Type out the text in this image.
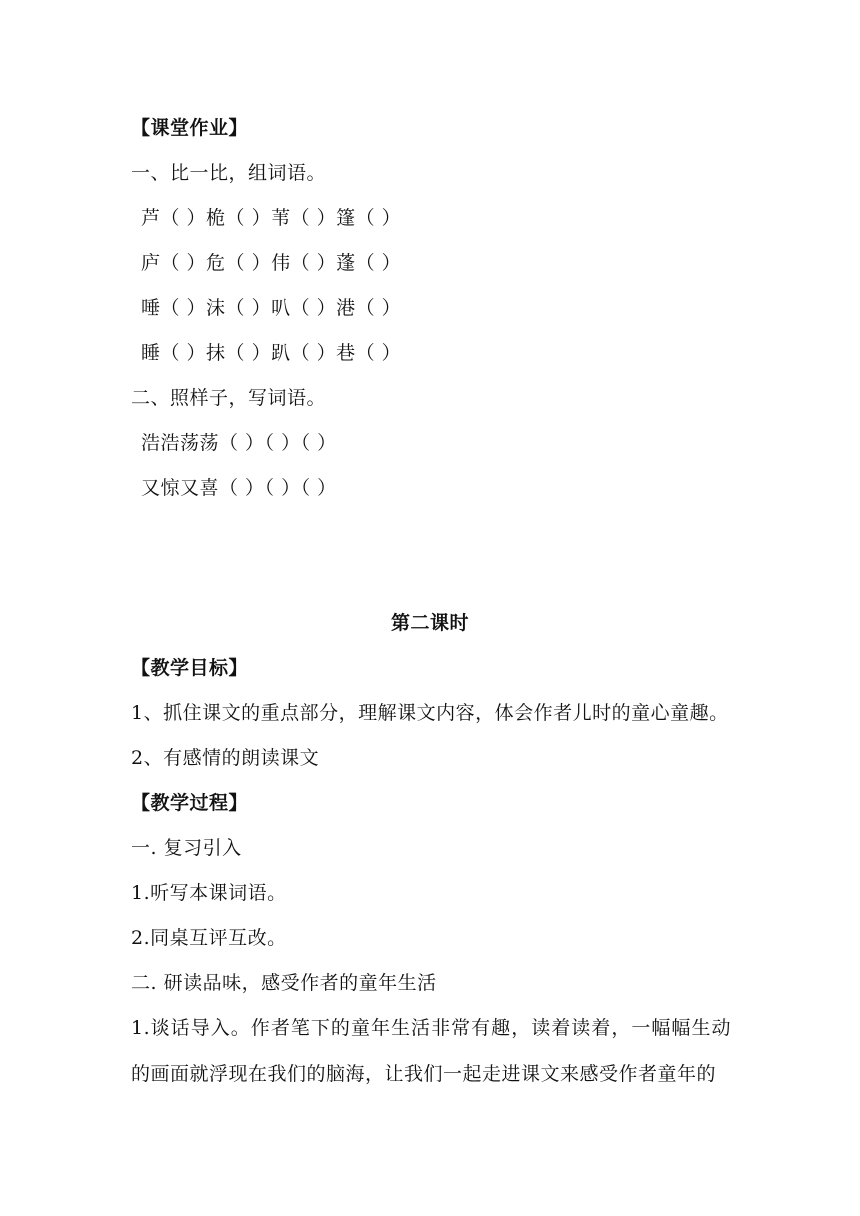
【课堂作业】
一、比一比，组词语。
芦（ ）桅（ ）苇（ ）篷（ ）
庐（ ）危（ ）伟（ ）蓬（ ）
唾（ ）沫（ ）叭（ ）港（ ）
睡（ ）抹（ ）趴（ ）巷（ ）
二、照样子，写词语。
浩浩荡荡（ ）（ ）（ ）
又惊又喜（ ）（ ）（ ）
第二课时
【教学目标】
1、抓住课文的重点部分，理解课文内容，体会作者儿时的童心童趣。
2、有感情的朗读课文
【教学过程】
一. 复习引入
1.听写本课词语。
2.同桌互评互改。
二. 研读品味，感受作者的童年生活
1.谈话导入。作者笔下的童年生活非常有趣，读着读着，一幅幅生动的画面就浮现在我们的脑海，让我们一起走进课文来感受作者童年的
